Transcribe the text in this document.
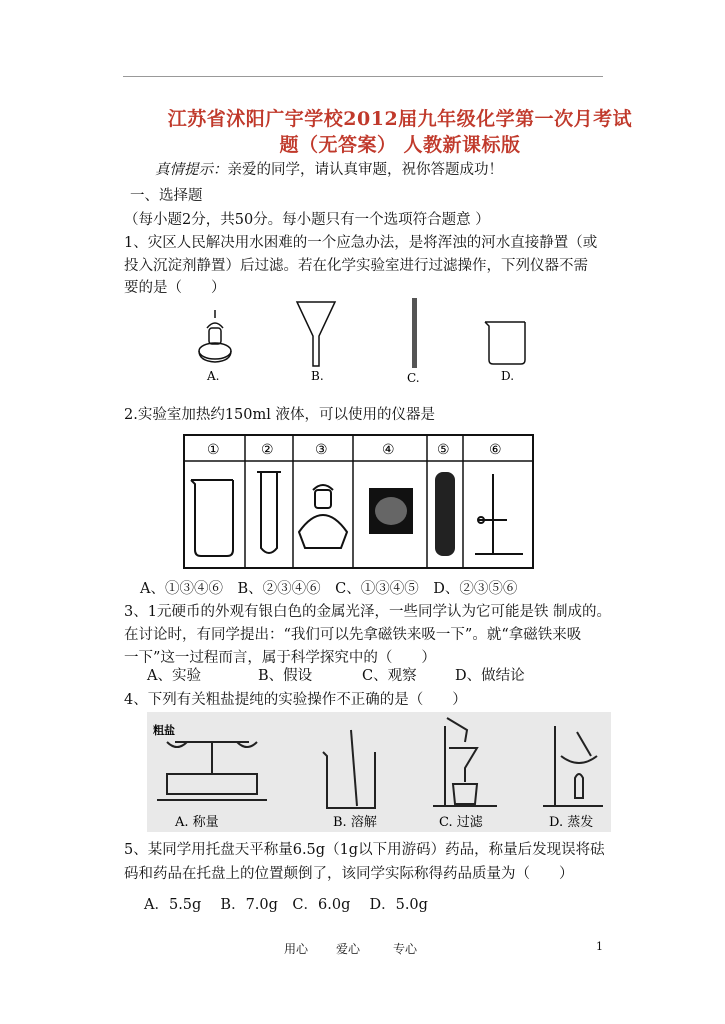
江苏省沭阳广宇学校2012届九年级化学第一次月考试
题（无答案） 人教新课标版
真情提示：亲爱的同学，请认真审题，祝你答题成功！
一、选择题
（每小题2分，共50分。每小题只有一个选项符合题意 ）
1、灾区人民解决用水困难的一个应急办法，是将浑浊的河水直接静置（或
投入沉淀剂静置）后过滤。若在化学实验室进行过滤操作，下列仪器不需
要的是（　　）
A.	B.	C.	D.
2.实验室加热约150ml 液体，可以使用的仪器是
①	②	③	④	⑤	⑥
A、①③④⑥　B、②③④⑥　C、①③④⑤　D、②③⑤⑥
3、1元硬币的外观有银白色的金属光泽，一些同学认为它可能是铁 制成的。
在讨论时，有同学提出：“我们可以先拿磁铁来吸一下”。就“拿磁铁来吸
一下”这一过程而言，属于科学探究中的（　　）
A、实验	B、假设	C、观察	D、做结论
4、下列有关粗盐提纯的实验操作不正确的是（　　）
粗盐
A. 称量	B. 溶解	C. 过滤	D. 蒸发
5、某同学用托盘天平称量6.5g（1g以下用游码）药品，称量后发现误将砝
码和药品在托盘上的位置颠倒了，该同学实际称得药品质量为（　　）
A．5.5g　 B．7.0g　C．6.0g　 D．5.0g
用心 爱心	专心	1
